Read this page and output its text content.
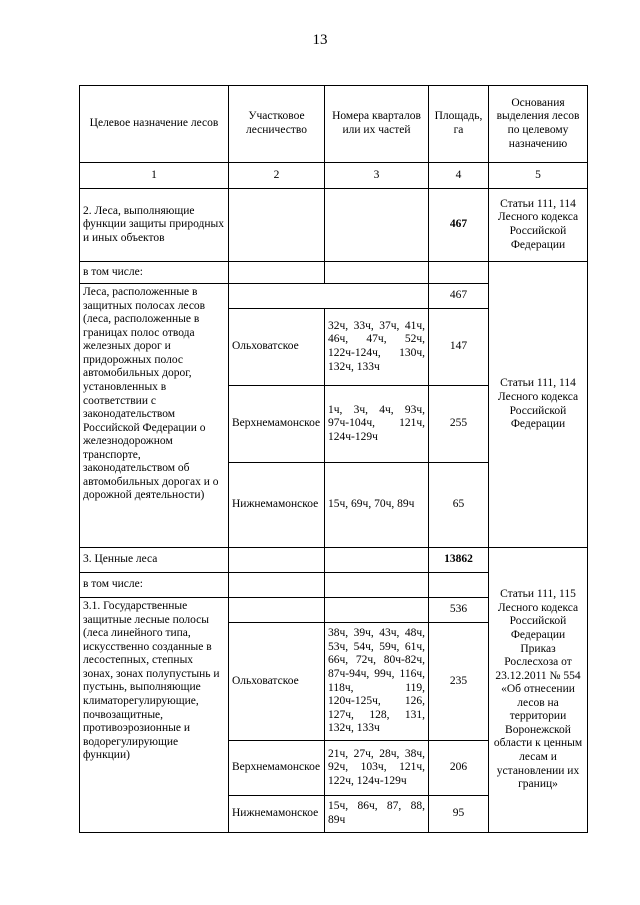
13
Целевое назначение лесов	Участковое лесничество	Номера кварталов или их частей	Площадь, га	Основания выделения лесов по целевому назначению
1	2	3	4	5
2. Леса, выполняющие функции защиты природных и иных объектов			467	Статьи 111, 114 Лесного кодекса Российской Федерации
в том числе:				Статьи 111, 114 Лесного кодекса Российской Федерации
Леса, расположенные в защитных полосах лесов (леса, расположенные в границах полос отвода железных дорог и придорожных полос автомобильных дорог, установленных в соответствии с законодательством Российской Федерации о железнодорожном транспорте, законодательством об автомобильных дорогах и о дорожной деятельности)			467	
	Ольховатское	32ч, 33ч, 37ч, 41ч, 46ч, 47ч, 52ч, 122ч-124ч, 130ч, 132ч, 133ч	147	
	Верхнемамонское	1ч, 3ч, 4ч, 93ч, 97ч-104ч, 121ч, 124ч-129ч	255	
	Нижнемамонское	15ч, 69ч, 70ч, 89ч	65	
3. Ценные леса			13862	Статьи 111, 115 Лесного кодекса Российской Федерации Приказ Рослесхоза от 23.12.2011 № 554 «Об отнесении лесов на территории Воронежской области к ценным лесам и установлении их границ»
в том числе:				
3.1. Государственные защитные лесные полосы (леса линейного типа, искусственно созданные в лесостепных, степных зонах, зонах полупустынь и пустынь, выполняющие климаторегулирующие, почвозащитные, противоэрозионные и водорегулирующие функции)			536	
	Ольховатское	38ч, 39ч, 43ч, 48ч, 53ч, 54ч, 59ч, 61ч, 66ч, 72ч, 80ч-82ч, 87ч-94ч, 99ч, 116ч, 118ч, 119, 120ч-125ч, 126, 127ч, 128, 131, 132ч, 133ч	235	
	Верхнемамонское	21ч, 27ч, 28ч, 38ч, 92ч, 103ч, 121ч, 122ч, 124ч-129ч	206	
	Нижнемамонское	15ч, 86ч, 87, 88, 89ч	95	
